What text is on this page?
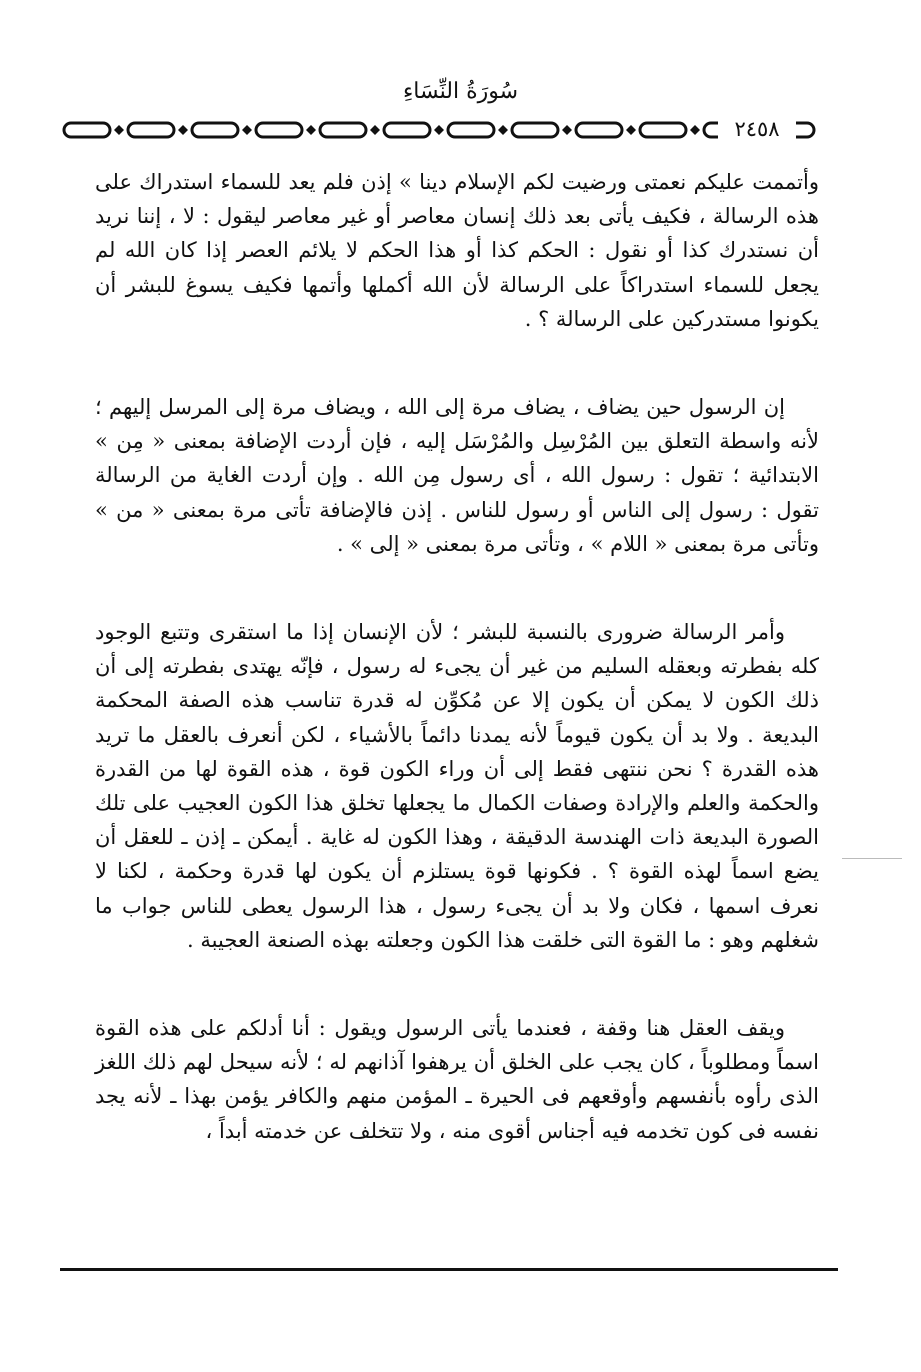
سُورَةُ النِّسَاءِ
٢٤٥٨

وأتممت عليكم نعمتى ورضيت لكم الإسلام دينا » إذن فلم يعد للسماء استدراك على هذه الرسالة ، فكيف يأتى بعد ذلك إنسان معاصر أو غير معاصر ليقول : لا ، إننا نريد أن نستدرك كذا أو نقول : الحكم كذا أو هذا الحكم لا يلائم العصر إذا كان الله لم يجعل للسماء استدراكاً على الرسالة لأن الله أكملها وأتمها فكيف يسوغ للبشر أن يكونوا مستدركين على الرسالة ؟ .

إن الرسول حين يضاف ، يضاف مرة إلى الله ، ويضاف مرة إلى المرسل إليهم ؛ لأنه واسطة التعلق بين المُرْسِل والمُرْسَل إليه ، فإن أردت الإضافة بمعنى « مِن » الابتدائية ؛ تقول : رسول الله ، أى رسول مِن الله . وإن أردت الغاية من الرسالة تقول : رسول إلى الناس أو رسول للناس . إذن فالإضافة تأتى مرة بمعنى « من » وتأتى مرة بمعنى « اللام » ، وتأتى مرة بمعنى « إلى » .

وأمر الرسالة ضرورى بالنسبة للبشر ؛ لأن الإنسان إذا ما استقرى وتتبع الوجود كله بفطرته وبعقله السليم من غير أن يجىء له رسول ، فإنّه يهتدى بفطرته إلى أن ذلك الكون لا يمكن أن يكون إلا عن مُكوِّن له قدرة تناسب هذه الصفة المحكمة البديعة . ولا بد أن يكون قيوماً لأنه يمدنا دائماً بالأشياء ، لكن أنعرف بالعقل ما تريد هذه القدرة ؟ نحن ننتهى فقط إلى أن وراء الكون قوة ، هذه القوة لها من القدرة والحكمة والعلم والإرادة وصفات الكمال ما يجعلها تخلق هذا الكون العجيب على تلك الصورة البديعة ذات الهندسة الدقيقة ، وهذا الكون له غاية . أيمكن ـ إذن ـ للعقل أن يضع اسماً لهذه القوة ؟ . فكونها قوة يستلزم أن يكون لها قدرة وحكمة ، لكنا لا نعرف اسمها ، فكان ولا بد أن يجىء رسول ، هذا الرسول يعطى للناس جواب ما شغلهم وهو : ما القوة التى خلقت هذا الكون وجعلته بهذه الصنعة العجيبة .

ويقف العقل هنا وقفة ، فعندما يأتى الرسول ويقول : أنا أدلكم على هذه القوة اسماً ومطلوباً ، كان يجب على الخلق أن يرهفوا آذانهم له ؛ لأنه سيحل لهم ذلك اللغز الذى رأوه بأنفسهم وأوقعهم فى الحيرة ـ المؤمن منهم والكافر يؤمن بهذا ـ لأنه يجد نفسه فى كون تخدمه فيه أجناس أقوى منه ، ولا تتخلف عن خدمته أبداً ،
